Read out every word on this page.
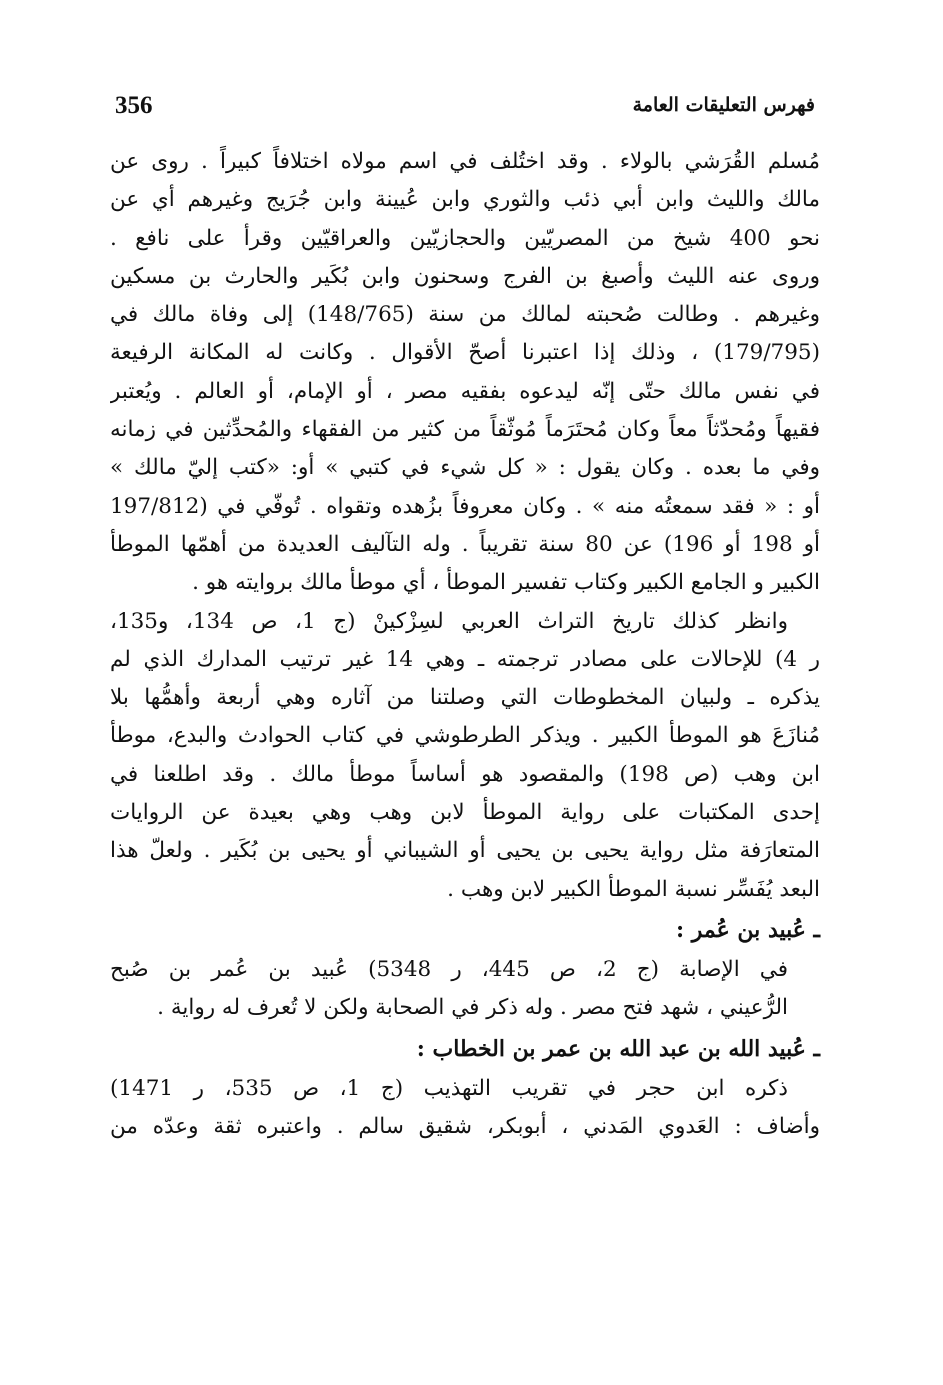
356	فهرس التعليقات العامة
مُسلم القُرَشي بالولاء . وقد اختُلف في اسم مولاه اختلافاً كبيراً . روى عن
مالك والليث وابن أبي ذئب والثوري وابن عُيينة وابن جُرَيج وغيرهم أي عن
نحو 400 شيخ من المصريّين والحجازيّين والعراقيّين وقرأ على نافع .
وروى عنه الليث وأصبغ بن الفرج وسحنون وابن بُكَير والحارث بن مسكين
وغيرهم . وطالت صُحبته لمالك من سنة (148/765) إلى وفاة مالك في
(179/795) ، وذلك إذا اعتبرنا أصحّ الأقوال . وكانت له المكانة الرفيعة
في نفس مالك حتّى إنّه ليدعوه بفقيه مصر ، أو الإمام، أو العالم . ويُعتبر
فقيهاً ومُحدّثاً معاً وكان مُحتَرَماً مُوثّقاً من كثير من الفقهاء والمُحدِّثين في زمانه
وفي ما بعده . وكان يقول : « كل شيء في كتبي » أو: «كتب إليّ مالك »
أو : « فقد سمعتُه منه » . وكان معروفاً بزُهده وتقواه . تُوفّي في (197/812
أو 198 أو 196) عن 80 سنة تقريباً . وله التآليف العديدة من أهمّها الموطأ
الكبير و الجامع الكبير وكتاب تفسير الموطأ ، أي موطأ مالك بروايته هو .
وانظر كذلك تاريخ التراث العربي لسِزْكينْ (ج 1، ص 134، و135،
ر 4) للإحالات على مصادر ترجمته ـ وهي 14 غير ترتيب المدارك الذي لم
يذكره ـ ولبيان المخطوطات التي وصلتنا من آثاره وهي أربعة وأهمُّها بلا
مُنازَعَ هو الموطأ الكبير . ويذكر الطرطوشي في كتاب الحوادث والبدع، موطأ
ابن وهب (ص 198) والمقصود هو أساساً موطأ مالك . وقد اطلعنا في
إحدى المكتبات على رواية الموطأ لابن وهب وهي بعيدة عن الروايات
المتعارَفة مثل رواية يحيى بن يحيى أو الشيباني أو يحيى بن بُكَير . ولعلّ هذا
البعد يُفَسِّر نسبة الموطأ الكبير لابن وهب .
ـ عُبيد بن عُمر :
في الإصابة (ج 2، ص 445، ر 5348) عُبيد بن عُمر بن صُبح
الرُّعيني ، شهد فتح مصر . وله ذكر في الصحابة ولكن لا تُعرف له رواية .
ـ عُبيد الله بن عبد الله بن عمر بن الخطاب :
ذكره ابن حجر في تقريب التهذيب (ج 1، ص 535، ر 1471)
وأضاف : العَدوي المَدني ، أبوبكر، شقيق سالم . واعتبره ثقة وعدّه من
